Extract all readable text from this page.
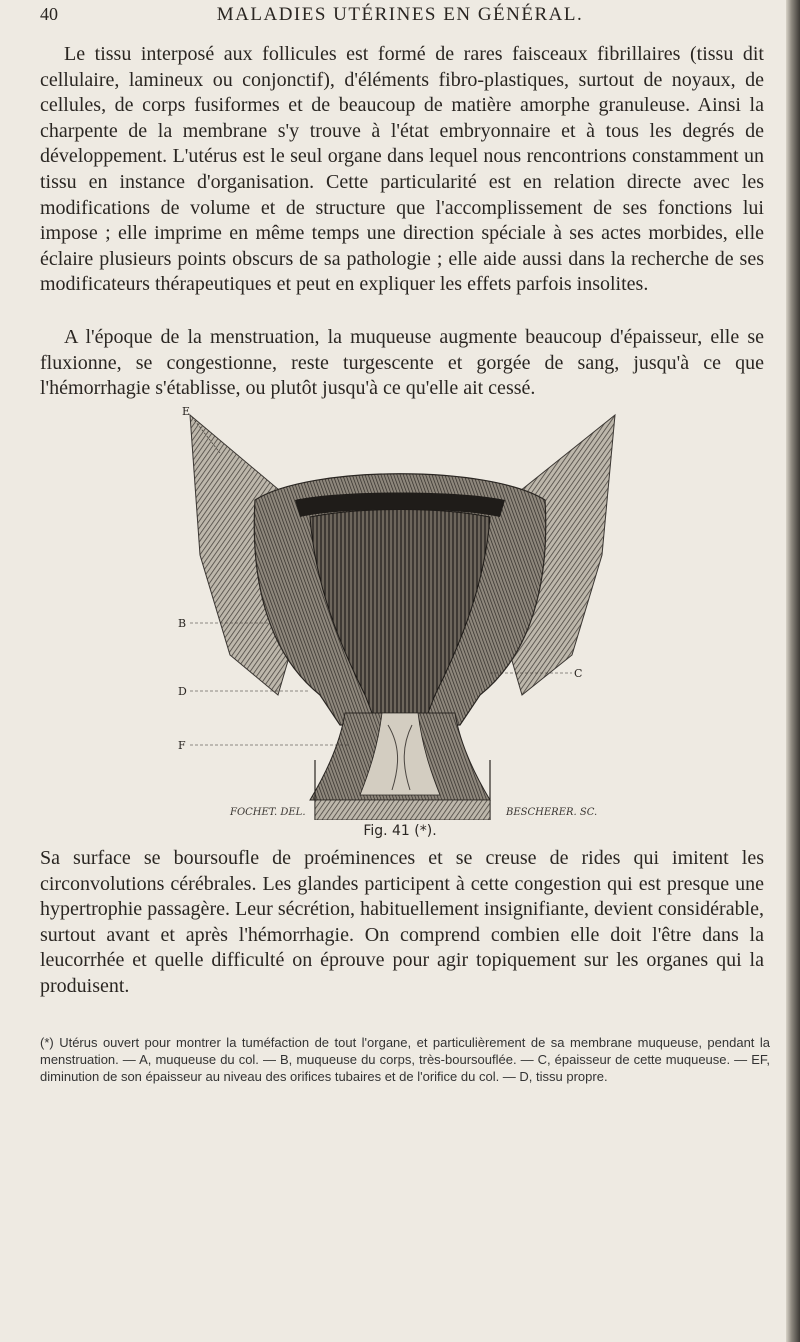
40	MALADIES UTÉRINES EN GÉNÉRAL.

Le tissu interposé aux follicules est formé de rares faisceaux fibrillaires (tissu dit cellulaire, lamineux ou conjonctif), d'éléments fibro-plastiques, surtout de noyaux, de cellules, de corps fusiformes et de beaucoup de matière amorphe granuleuse. Ainsi la charpente de la membrane s'y trouve à l'état embryonnaire et à tous les degrés de développement. L'utérus est le seul organe dans lequel nous rencontrions constamment un tissu en instance d'organisation. Cette particularité est en relation directe avec les modifications de volume et de structure que l'accomplissement de ses fonctions lui impose ; elle imprime en même temps une direction spéciale à ses actes morbides, elle éclaire plusieurs points obscurs de sa pathologie ; elle aide aussi dans la recherche de ses modificateurs thérapeutiques et peut en expliquer les effets parfois insolites.

A l'époque de la menstruation, la muqueuse augmente beaucoup d'épaisseur, elle se fluxionne, se congestionne, reste turgescente et gorgée de sang, jusqu'à ce que l'hémorrhagie s'établisse, ou plutôt jusqu'à ce qu'elle ait cessé.

E
B
D
F
C
FOCHET. DEL.	BESCHERER. SC.
Fig. 41 (*).

Sa surface se boursoufle de proéminences et se creuse de rides qui imitent les circonvolutions cérébrales. Les glandes participent à cette congestion qui est presque une hypertrophie passagère. Leur sécrétion, habituellement insignifiante, devient considérable, surtout avant et après l'hémorrhagie. On comprend combien elle doit l'être dans la leucorrhée et quelle difficulté on éprouve pour agir topiquement sur les organes qui la produisent.

(*) Utérus ouvert pour montrer la tuméfaction de tout l'organe, et particulièrement de sa membrane muqueuse, pendant la menstruation. — A, muqueuse du col. — B, muqueuse du corps, très-boursouflée. — C, épaisseur de cette muqueuse. — EF, diminution de son épaisseur au niveau des orifices tubaires et de l'orifice du col. — D, tissu propre.
